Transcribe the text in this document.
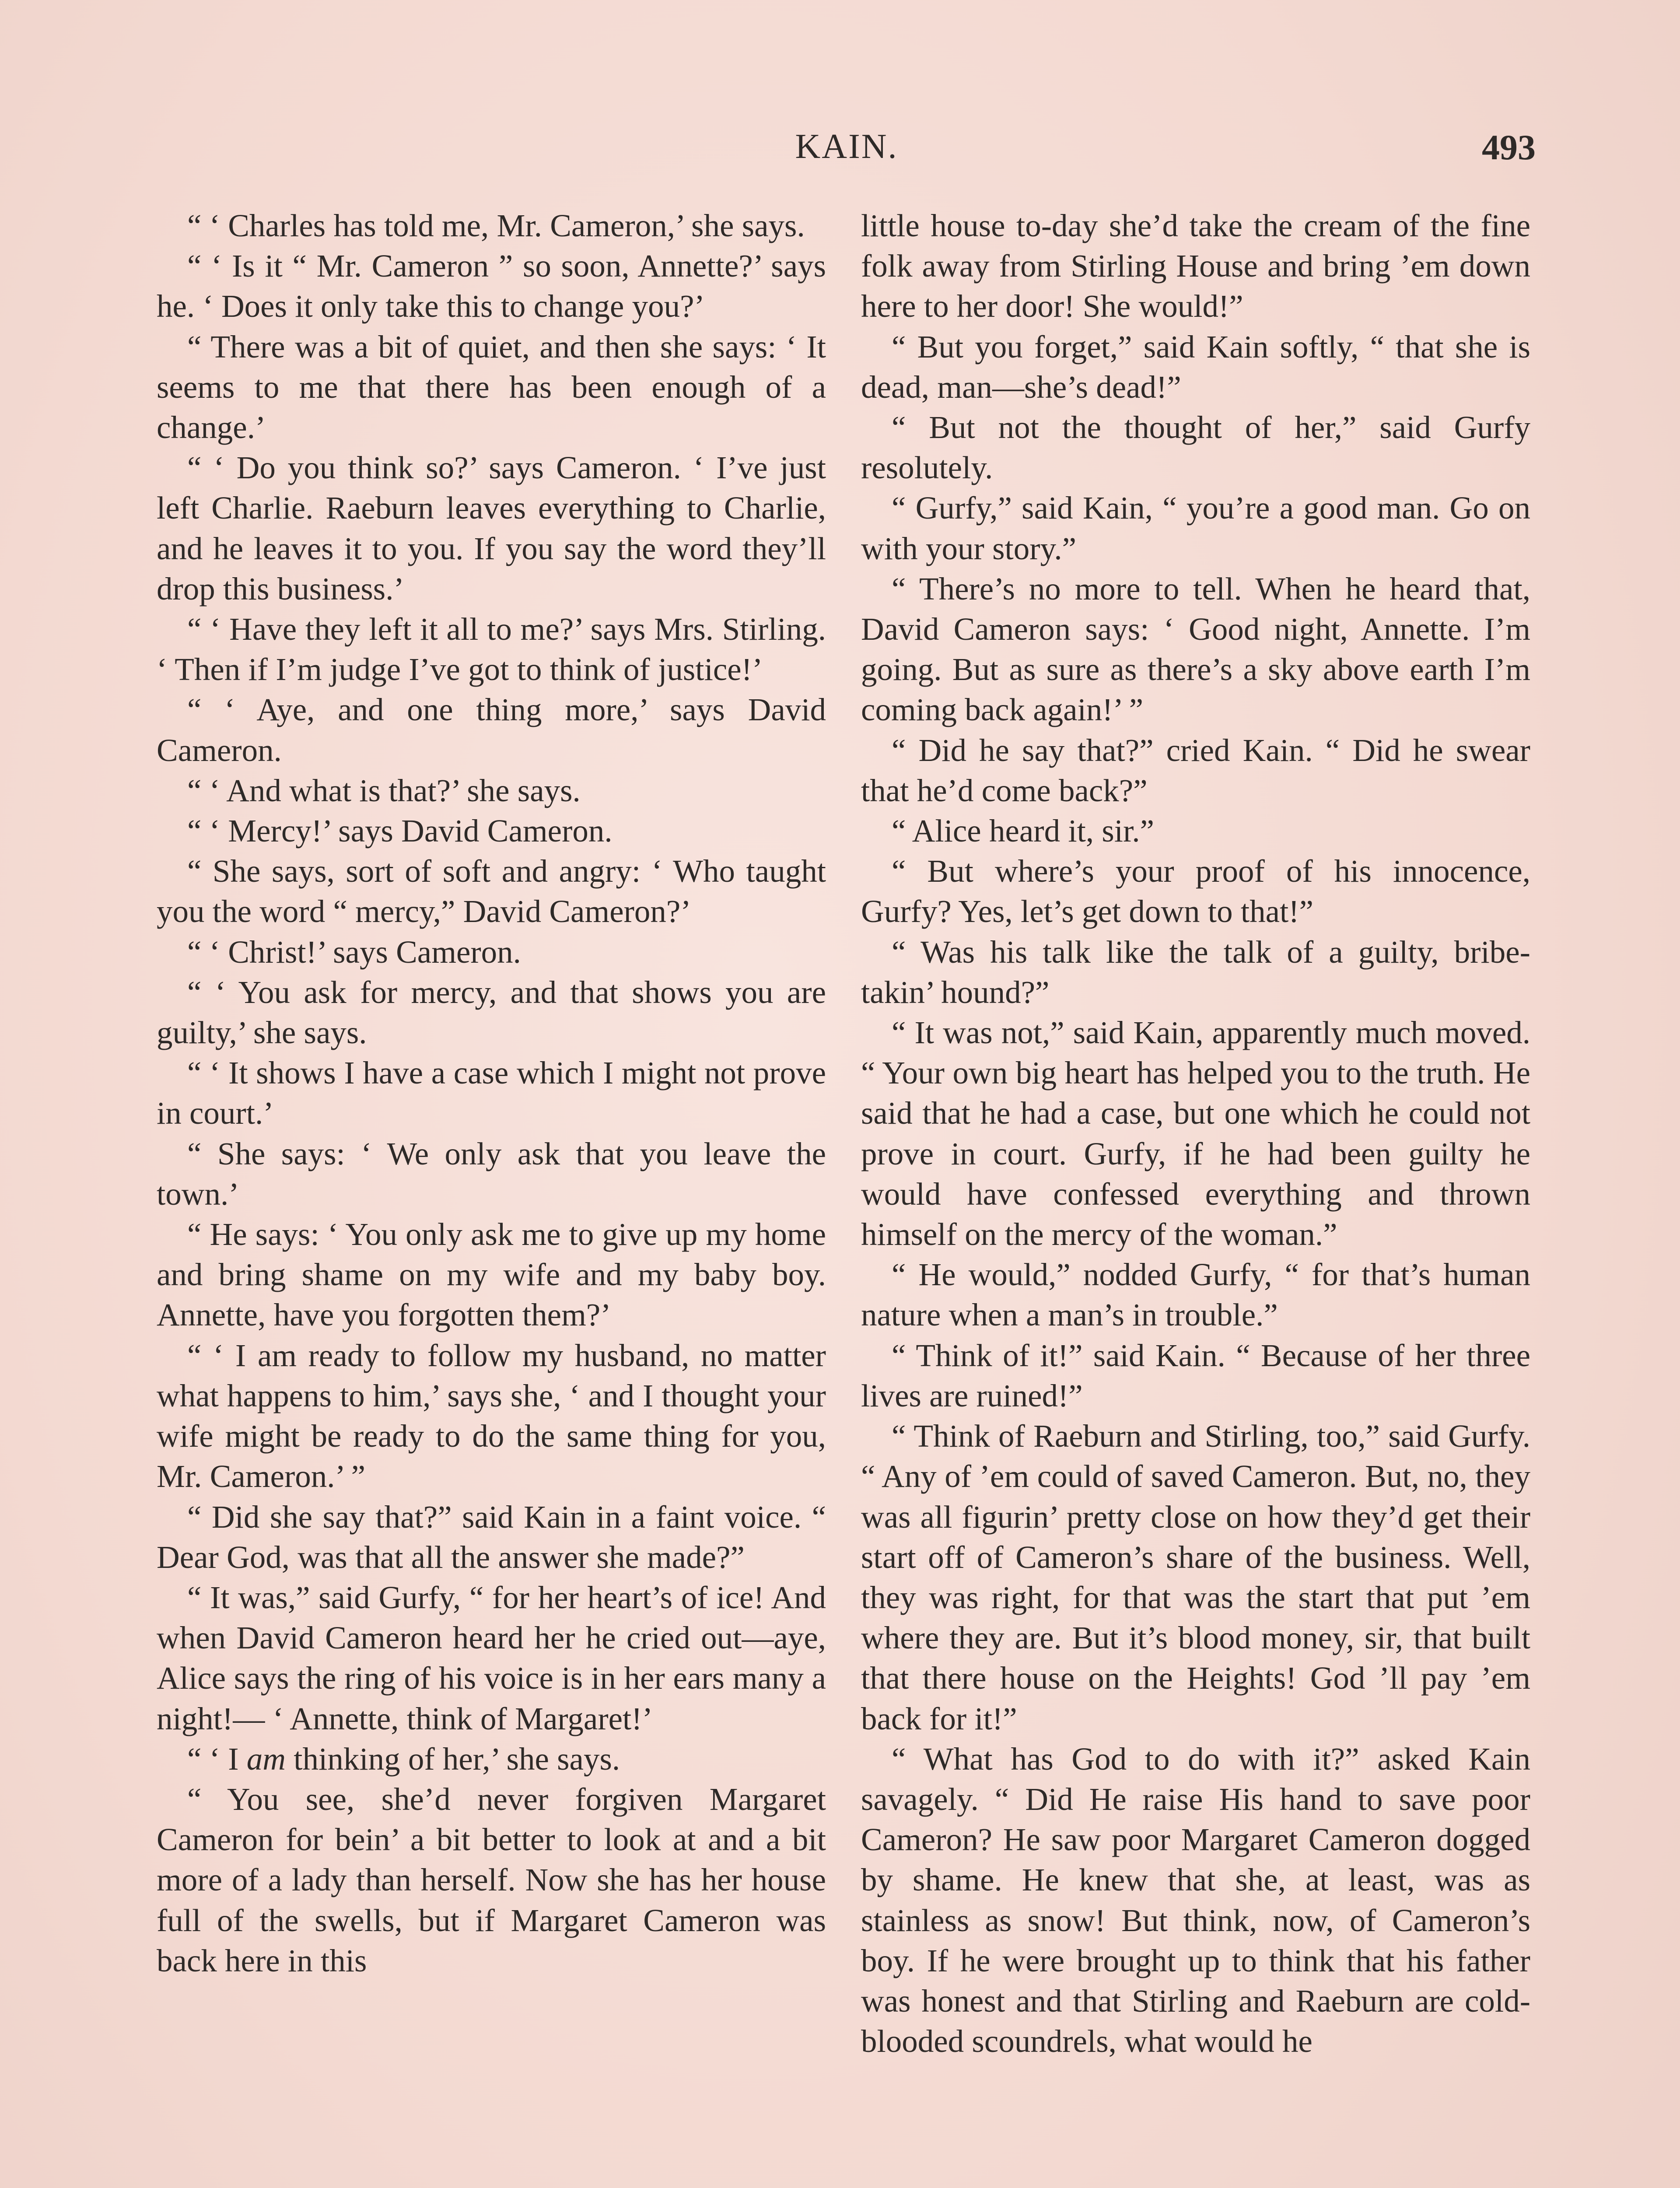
KAIN.	493

“ ‘ Charles has told me, Mr. Cameron,’ she says.

“ ‘ Is it “ Mr. Cameron ” so soon, Annette?’ says he. ‘ Does it only take this to change you?’

“ There was a bit of quiet, and then she says: ‘ It seems to me that there has been enough of a change.’

“ ‘ Do you think so?’ says Cameron. ‘ I’ve just left Charlie. Raeburn leaves everything to Charlie, and he leaves it to you. If you say the word they’ll drop this business.’

“ ‘ Have they left it all to me?’ says Mrs. Stirling. ‘ Then if I’m judge I’ve got to think of justice!’

“ ‘ Aye, and one thing more,’ says David Cameron.

“ ‘ And what is that?’ she says.

“ ‘ Mercy!’ says David Cameron.

“ She says, sort of soft and angry: ‘ Who taught you the word “ mercy,” David Cameron?’

“ ‘ Christ!’ says Cameron.

“ ‘ You ask for mercy, and that shows you are guilty,’ she says.

“ ‘ It shows I have a case which I might not prove in court.’

“ She says: ‘ We only ask that you leave the town.’

“ He says: ‘ You only ask me to give up my home and bring shame on my wife and my baby boy. Annette, have you forgotten them?’

“ ‘ I am ready to follow my husband, no matter what happens to him,’ says she, ‘ and I thought your wife might be ready to do the same thing for you, Mr. Cameron.’ ”

“ Did she say that?” said Kain in a faint voice. “ Dear God, was that all the answer she made?”

“ It was,” said Gurfy, “ for her heart’s of ice! And when David Cameron heard her he cried out—aye, Alice says the ring of his voice is in her ears many a night!— ‘ Annette, think of Margaret!’

“ ‘ I am thinking of her,’ she says.

“ You see, she’d never forgiven Margaret Cameron for bein’ a bit better to look at and a bit more of a lady than herself. Now she has her house full of the swells, but if Margaret Cameron was back here in this

little house to-day she’d take the cream of the fine folk away from Stirling House and bring ’em down here to her door! She would!”

“ But you forget,” said Kain softly, “ that she is dead, man—she’s dead!”

“ But not the thought of her,” said Gurfy resolutely.

“ Gurfy,” said Kain, “ you’re a good man. Go on with your story.”

“ There’s no more to tell. When he heard that, David Cameron says: ‘ Good night, Annette. I’m going. But as sure as there’s a sky above earth I’m coming back again!’ ”

“ Did he say that?” cried Kain. “ Did he swear that he’d come back?”

“ Alice heard it, sir.”

“ But where’s your proof of his innocence, Gurfy? Yes, let’s get down to that!”

“ Was his talk like the talk of a guilty, bribe-takin’ hound?”

“ It was not,” said Kain, apparently much moved. “ Your own big heart has helped you to the truth. He said that he had a case, but one which he could not prove in court. Gurfy, if he had been guilty he would have confessed everything and thrown himself on the mercy of the woman.”

“ He would,” nodded Gurfy, “ for that’s human nature when a man’s in trouble.”

“ Think of it!” said Kain. “ Because of her three lives are ruined!”

“ Think of Raeburn and Stirling, too,” said Gurfy. “ Any of ’em could of saved Cameron. But, no, they was all figurin’ pretty close on how they’d get their start off of Cameron’s share of the business. Well, they was right, for that was the start that put ’em where they are. But it’s blood money, sir, that built that there house on the Heights! God ’ll pay ’em back for it!”

“ What has God to do with it?” asked Kain savagely. “ Did He raise His hand to save poor Cameron? He saw poor Margaret Cameron dogged by shame. He knew that she, at least, was as stainless as snow! But think, now, of Cameron’s boy. If he were brought up to think that his father was honest and that Stirling and Raeburn are cold-blooded scoundrels, what would he
